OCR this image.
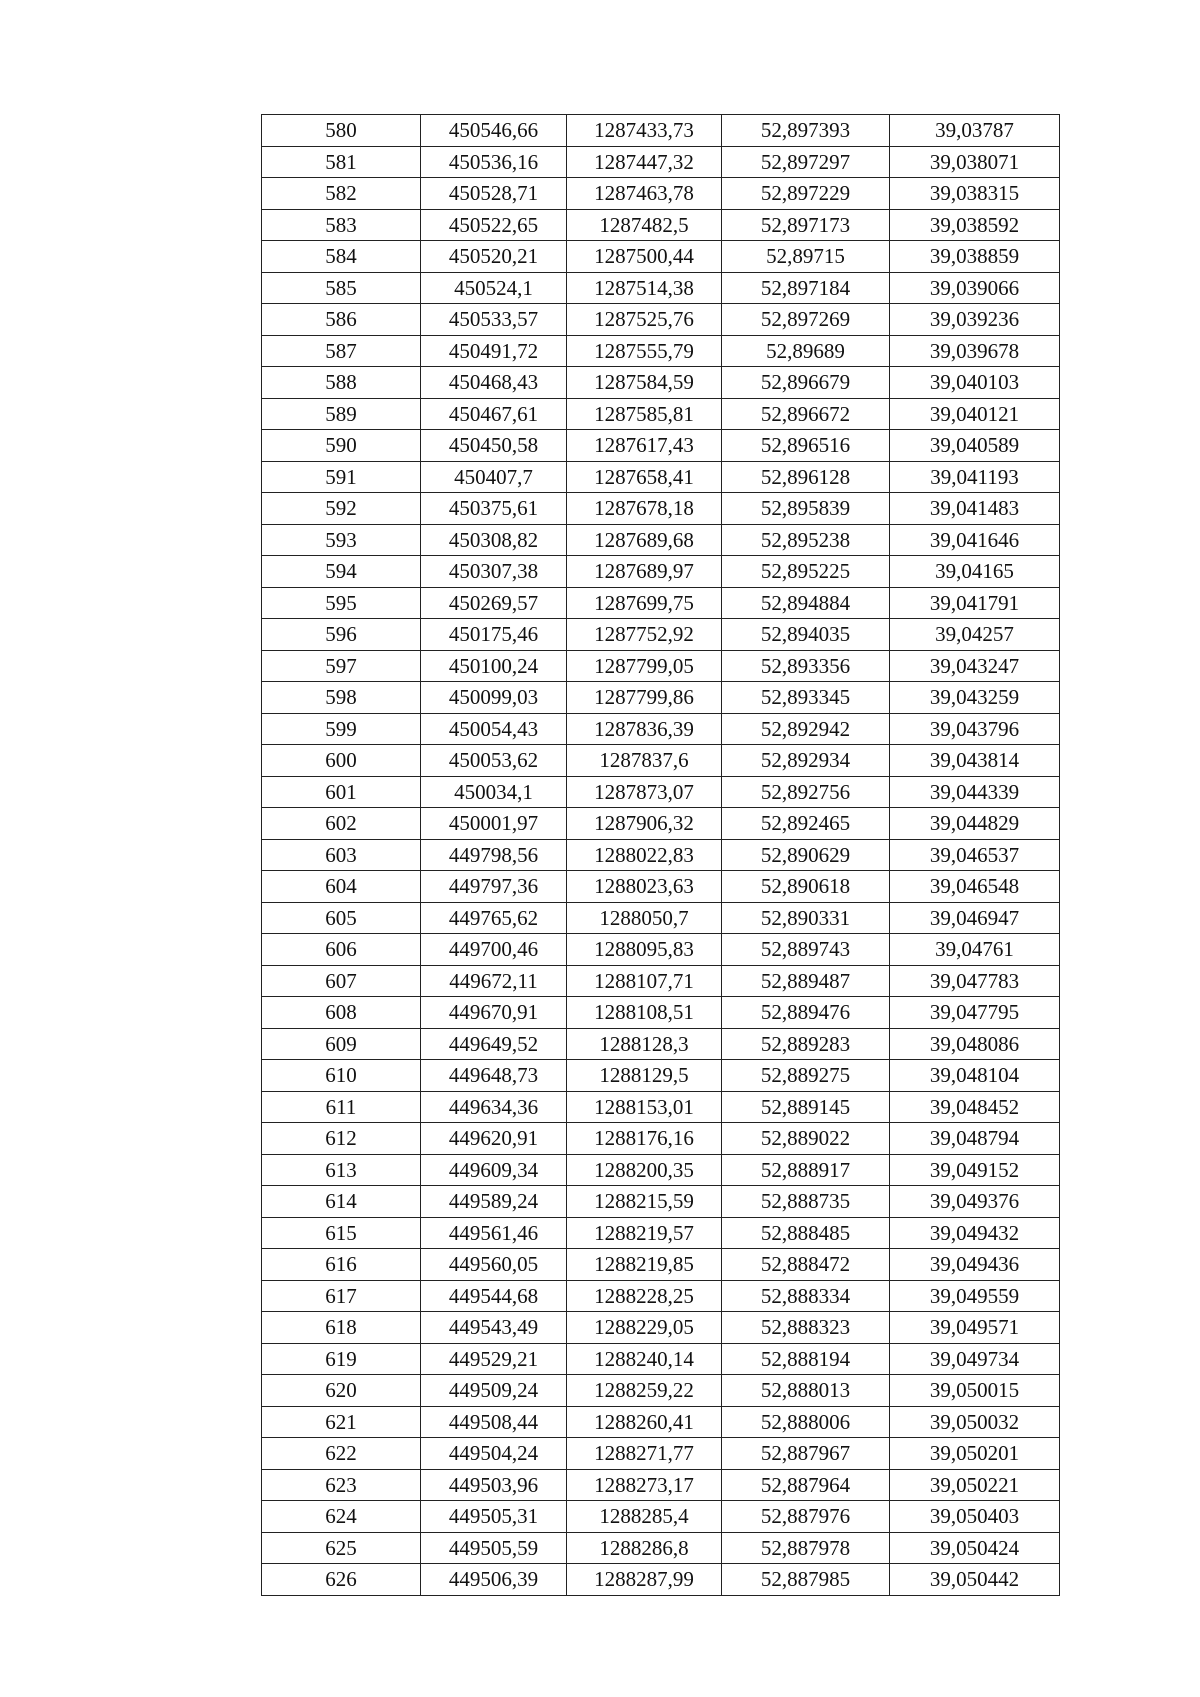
580	450546,66	1287433,73	52,897393	39,03787
581	450536,16	1287447,32	52,897297	39,038071
582	450528,71	1287463,78	52,897229	39,038315
583	450522,65	1287482,5	52,897173	39,038592
584	450520,21	1287500,44	52,89715	39,038859
585	450524,1	1287514,38	52,897184	39,039066
586	450533,57	1287525,76	52,897269	39,039236
587	450491,72	1287555,79	52,89689	39,039678
588	450468,43	1287584,59	52,896679	39,040103
589	450467,61	1287585,81	52,896672	39,040121
590	450450,58	1287617,43	52,896516	39,040589
591	450407,7	1287658,41	52,896128	39,041193
592	450375,61	1287678,18	52,895839	39,041483
593	450308,82	1287689,68	52,895238	39,041646
594	450307,38	1287689,97	52,895225	39,04165
595	450269,57	1287699,75	52,894884	39,041791
596	450175,46	1287752,92	52,894035	39,04257
597	450100,24	1287799,05	52,893356	39,043247
598	450099,03	1287799,86	52,893345	39,043259
599	450054,43	1287836,39	52,892942	39,043796
600	450053,62	1287837,6	52,892934	39,043814
601	450034,1	1287873,07	52,892756	39,044339
602	450001,97	1287906,32	52,892465	39,044829
603	449798,56	1288022,83	52,890629	39,046537
604	449797,36	1288023,63	52,890618	39,046548
605	449765,62	1288050,7	52,890331	39,046947
606	449700,46	1288095,83	52,889743	39,04761
607	449672,11	1288107,71	52,889487	39,047783
608	449670,91	1288108,51	52,889476	39,047795
609	449649,52	1288128,3	52,889283	39,048086
610	449648,73	1288129,5	52,889275	39,048104
611	449634,36	1288153,01	52,889145	39,048452
612	449620,91	1288176,16	52,889022	39,048794
613	449609,34	1288200,35	52,888917	39,049152
614	449589,24	1288215,59	52,888735	39,049376
615	449561,46	1288219,57	52,888485	39,049432
616	449560,05	1288219,85	52,888472	39,049436
617	449544,68	1288228,25	52,888334	39,049559
618	449543,49	1288229,05	52,888323	39,049571
619	449529,21	1288240,14	52,888194	39,049734
620	449509,24	1288259,22	52,888013	39,050015
621	449508,44	1288260,41	52,888006	39,050032
622	449504,24	1288271,77	52,887967	39,050201
623	449503,96	1288273,17	52,887964	39,050221
624	449505,31	1288285,4	52,887976	39,050403
625	449505,59	1288286,8	52,887978	39,050424
626	449506,39	1288287,99	52,887985	39,050442
